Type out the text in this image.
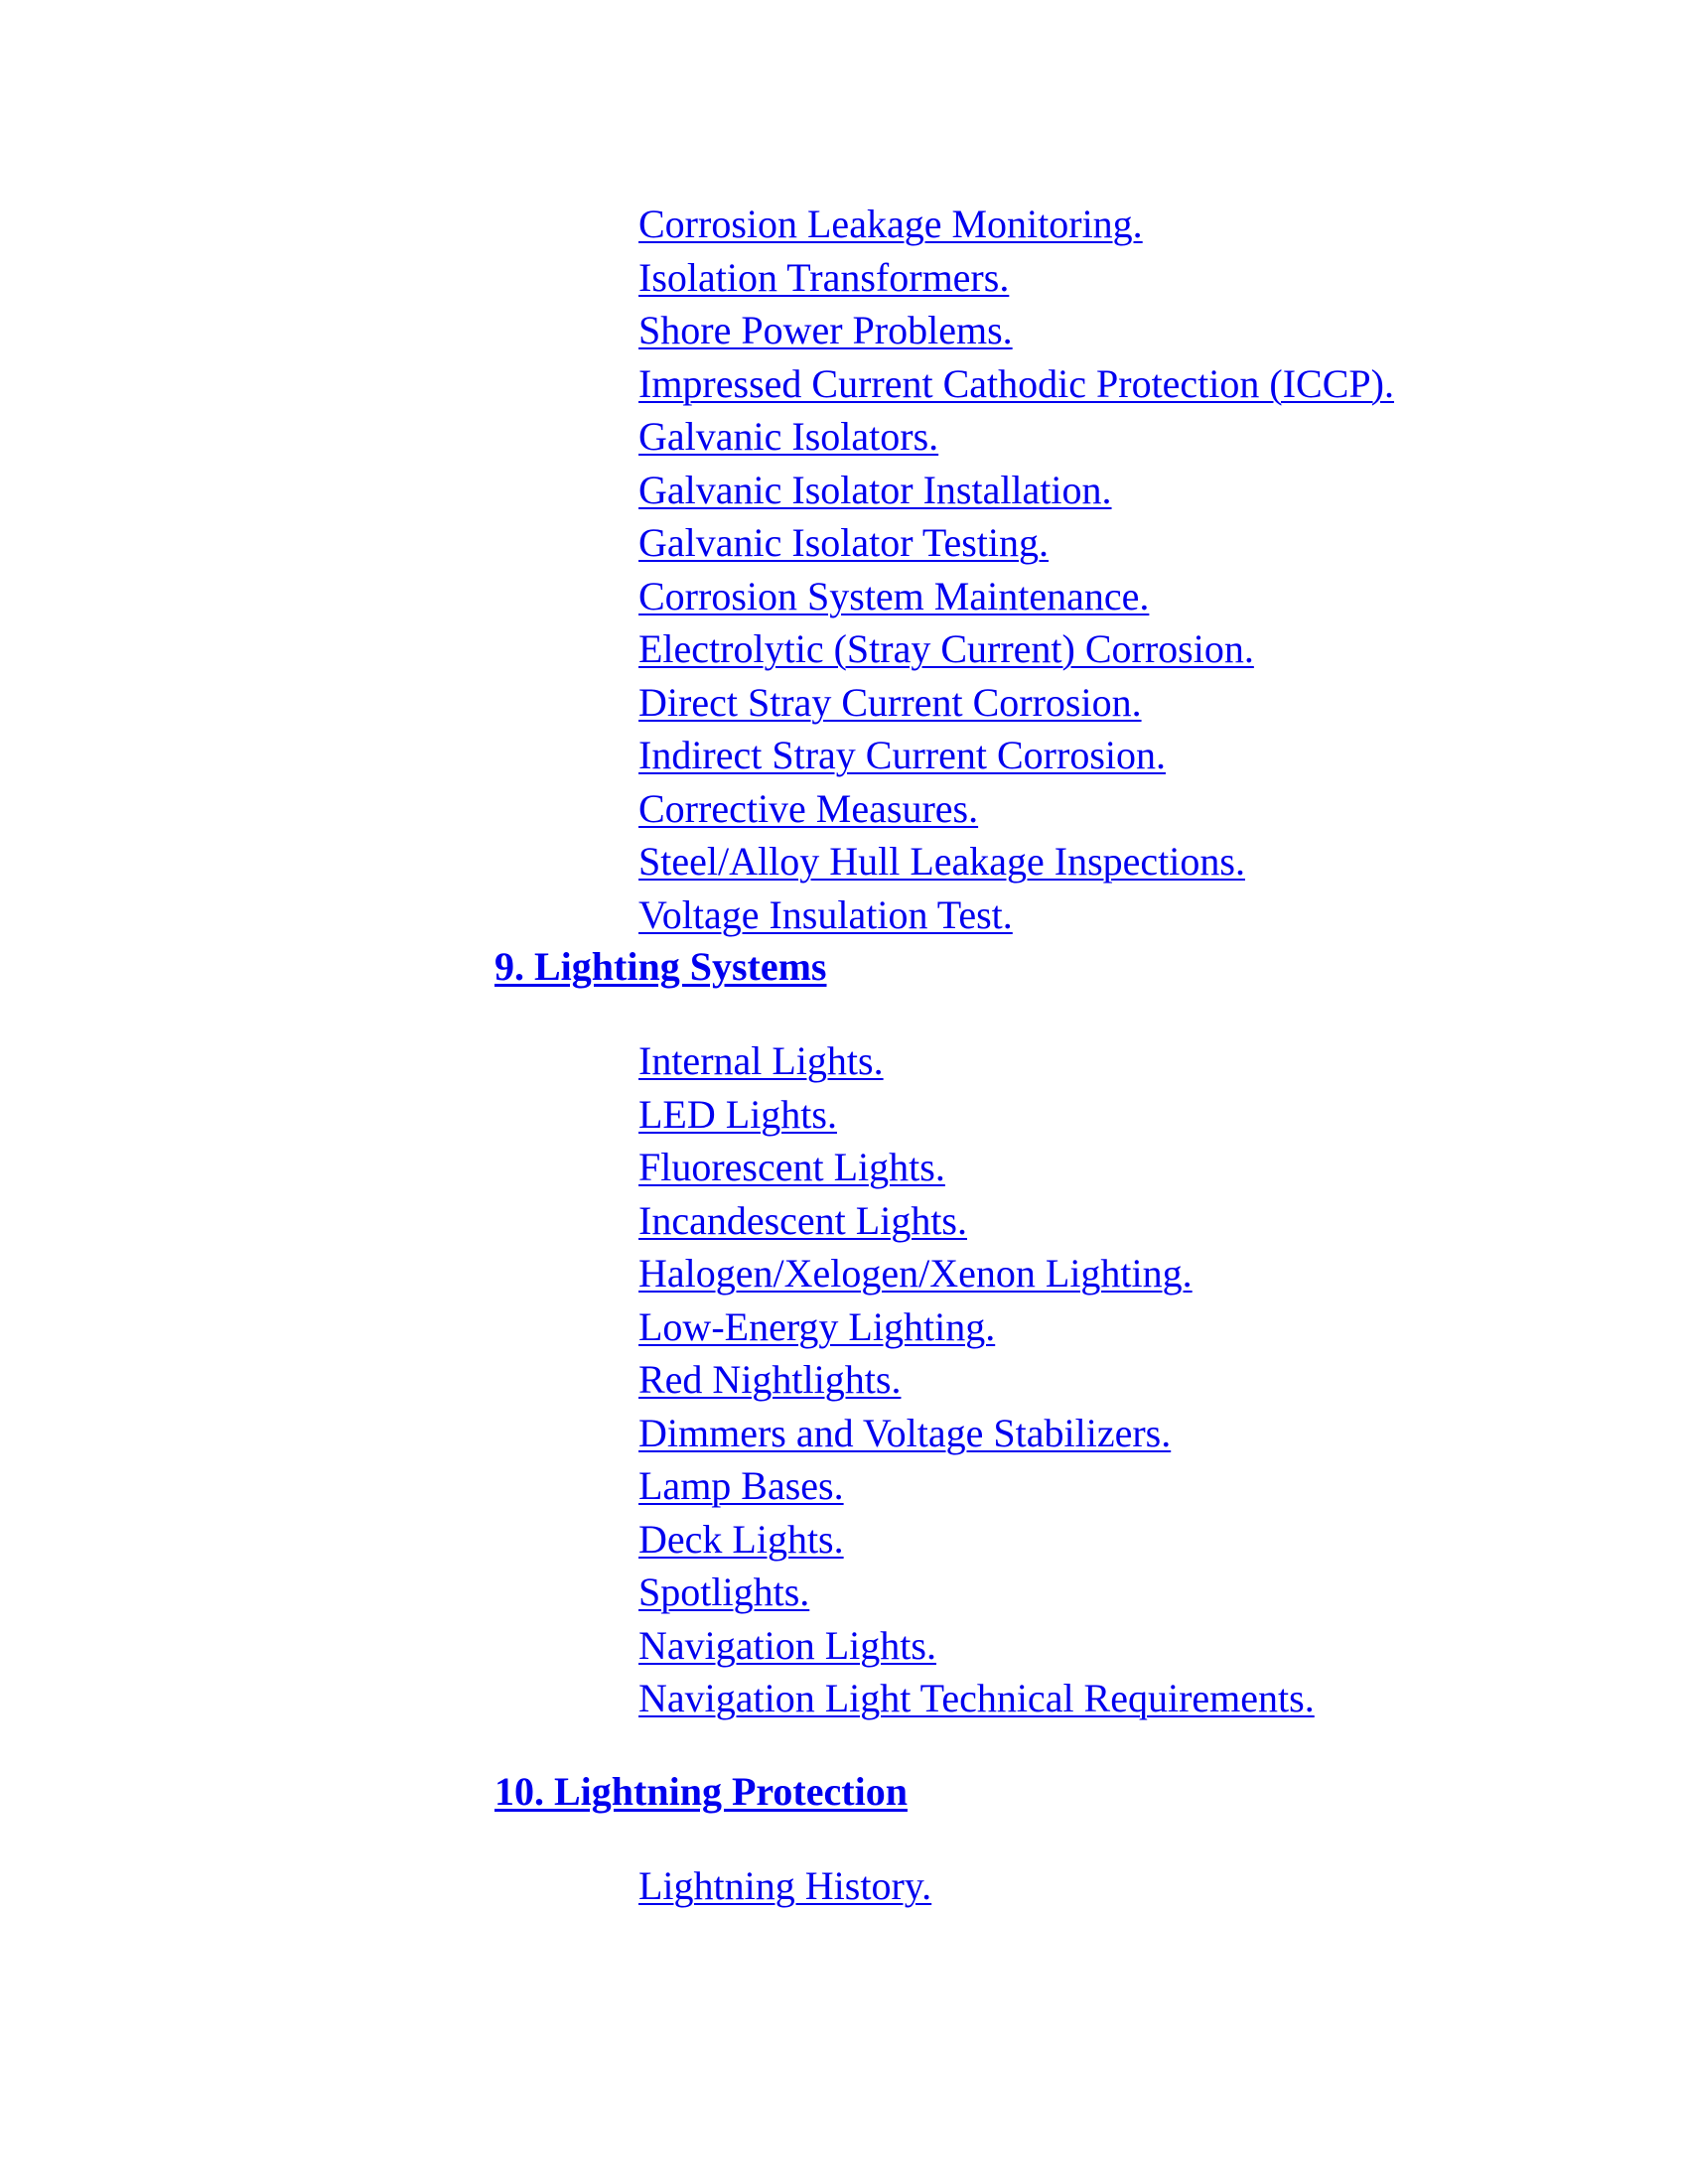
Corrosion Leakage Monitoring.
Isolation Transformers.
Shore Power Problems.
Impressed Current Cathodic Protection (ICCP).
Galvanic Isolators.
Galvanic Isolator Installation.
Galvanic Isolator Testing.
Corrosion System Maintenance.
Electrolytic (Stray Current) Corrosion.
Direct Stray Current Corrosion.
Indirect Stray Current Corrosion.
Corrective Measures.
Steel/Alloy Hull Leakage Inspections.
Voltage Insulation Test.
9. Lighting Systems
Internal Lights.
LED Lights.
Fluorescent Lights.
Incandescent Lights.
Halogen/Xelogen/Xenon Lighting.
Low-Energy Lighting.
Red Nightlights.
Dimmers and Voltage Stabilizers.
Lamp Bases.
Deck Lights.
Spotlights.
Navigation Lights.
Navigation Light Technical Requirements.
10. Lightning Protection
Lightning History.
